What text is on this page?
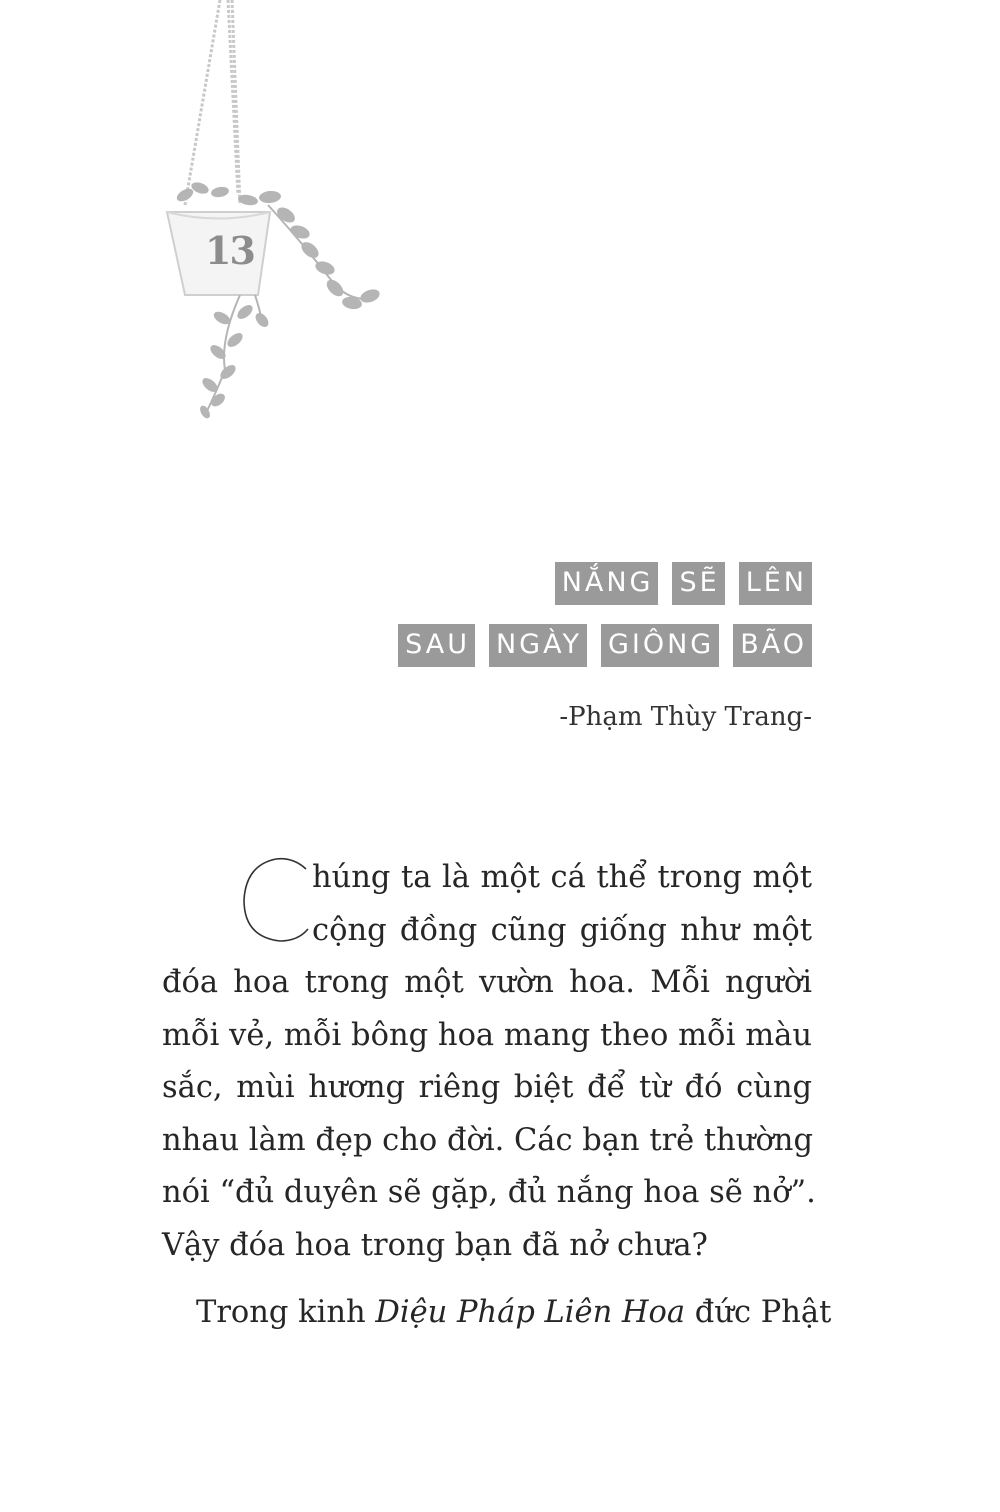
13
NẮNG SẼ LÊN
SAU NGÀY GIÔNG BÃO
-Phạm Thùy Trang-
C
húng ta là một cá thể trong một
cộng đồng cũng giống như một
đóa hoa trong một vườn hoa. Mỗi người
mỗi vẻ, mỗi bông hoa mang theo mỗi màu
sắc, mùi hương riêng biệt để từ đó cùng
nhau làm đẹp cho đời. Các bạn trẻ thường
nói “đủ duyên sẽ gặp, đủ nắng hoa sẽ nở”.
Vậy đóa hoa trong bạn đã nở chưa?
Trong kinh Diệu Pháp Liên Hoa đức Phật
